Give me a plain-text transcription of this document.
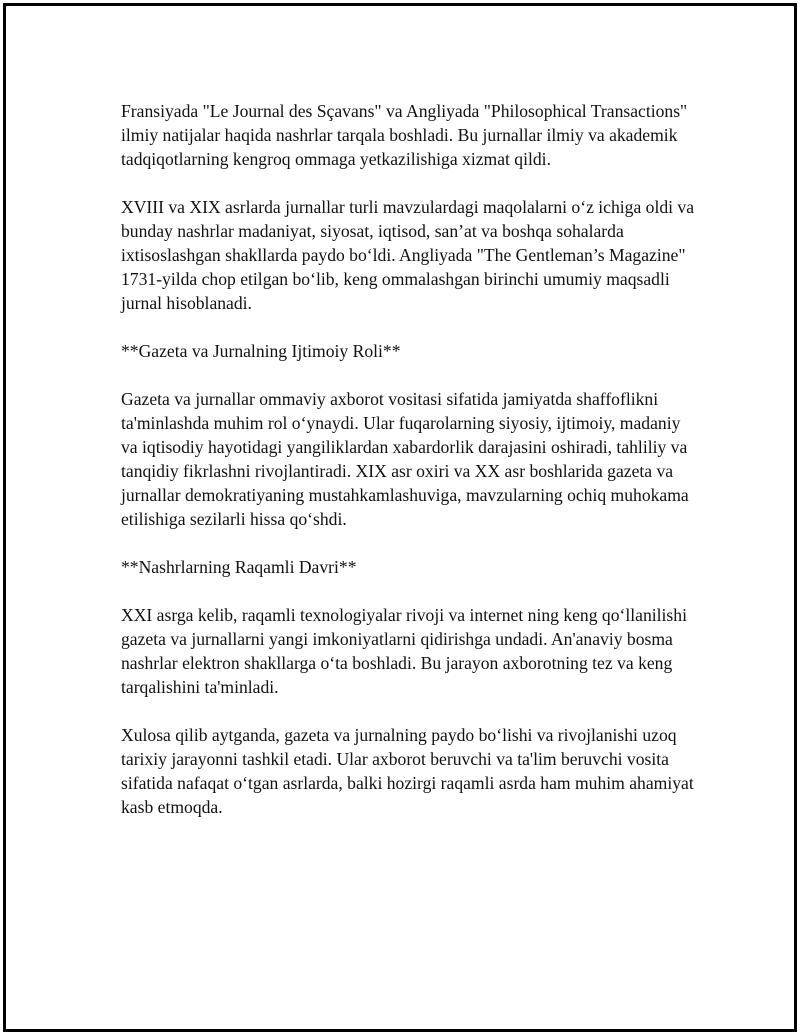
Fransiyada "Le Journal des Sçavans" va Angliyada "Philosophical Transactions" ilmiy natijalar haqida nashrlar tarqala boshladi. Bu jurnallar ilmiy va akademik tadqiqotlarning kengroq ommaga yetkazilishiga xizmat qildi.

XVIII va XIX asrlarda jurnallar turli mavzulardagi maqolalarni oʻz ichiga oldi va bunday nashrlar madaniyat, siyosat, iqtisod, san’at va boshqa sohalarda ixtisoslashgan shakllarda paydo boʻldi. Angliyada "The Gentleman’s Magazine" 1731-yilda chop etilgan boʻlib, keng ommalashgan birinchi umumiy maqsadli jurnal hisoblanadi.

**Gazeta va Jurnalning Ijtimoiy Roli**

Gazeta va jurnallar ommaviy axborot vositasi sifatida jamiyatda shaffoflikni ta'minlashda muhim rol oʻynaydi. Ular fuqarolarning siyosiy, ijtimoiy, madaniy va iqtisodiy hayotidagi yangiliklardan xabardorlik darajasini oshiradi, tahliliy va tanqidiy fikrlashni rivojlantiradi. XIX asr oxiri va XX asr boshlarida gazeta va jurnallar demokratiyaning mustahkamlashuviga, mavzularning ochiq muhokama etilishiga sezilarli hissa qoʻshdi.

**Nashrlarning Raqamli Davri**

XXI asrga kelib, raqamli texnologiyalar rivoji va internet ning keng qoʻllanilishi gazeta va jurnallarni yangi imkoniyatlarni qidirishga undadi. An'anaviy bosma nashrlar elektron shakllarga oʻta boshladi. Bu jarayon axborotning tez va keng tarqalishini ta'minladi.

Xulosa qilib aytganda, gazeta va jurnalning paydo boʻlishi va rivojlanishi uzoq tarixiy jarayonni tashkil etadi. Ular axborot beruvchi va ta'lim beruvchi vosita sifatida nafaqat oʻtgan asrlarda, balki hozirgi raqamli asrda ham muhim ahamiyat kasb etmoqda.
